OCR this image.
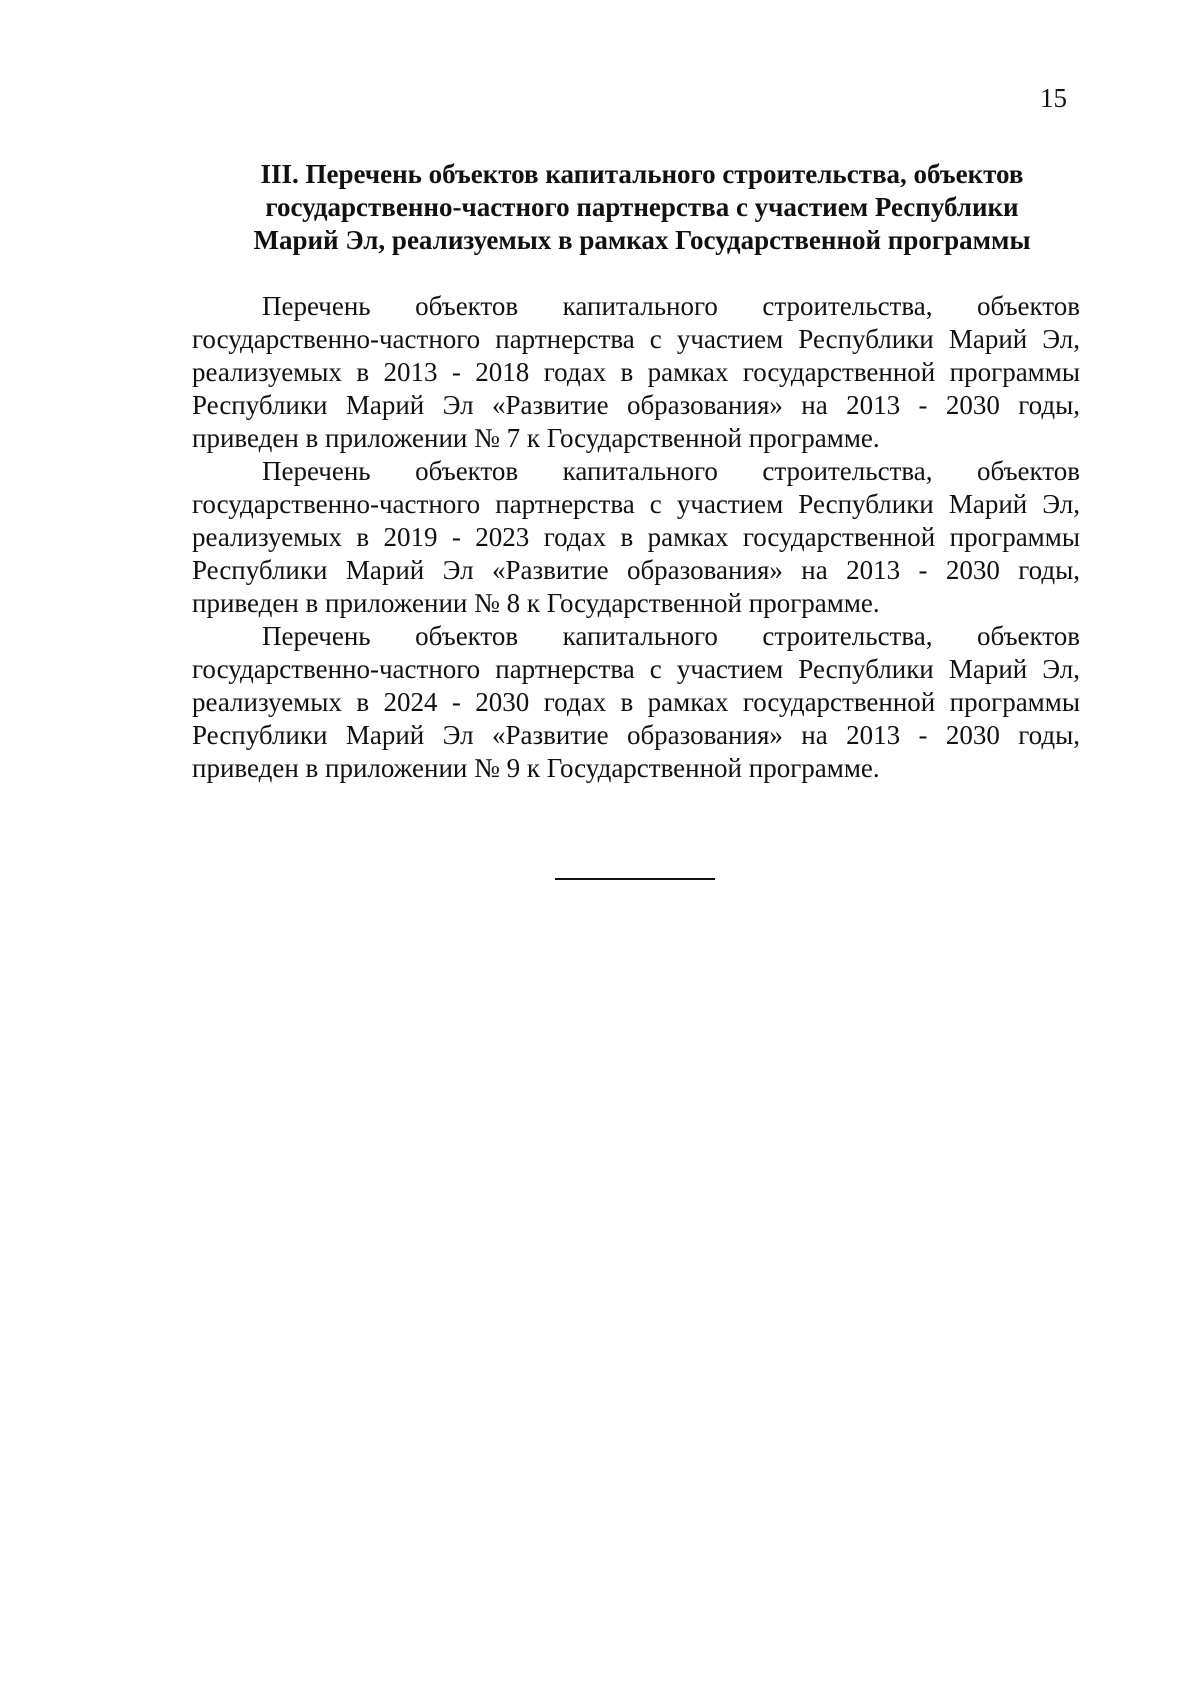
15
III. Перечень объектов капитального строительства, объектов
государственно-частного партнерства с участием Республики
Марий Эл, реализуемых в рамках Государственной программы

Перечень объектов капитального строительства, объектов государственно-частного партнерства с участием Республики Марий Эл, реализуемых в 2013 - 2018 годах в рамках государственной программы Республики Марий Эл «Развитие образования» на 2013 - 2030 годы, приведен в приложении № 7 к Государственной программе.

Перечень объектов капитального строительства, объектов государственно-частного партнерства с участием Республики Марий Эл, реализуемых в 2019 - 2023 годах в рамках государственной программы Республики Марий Эл «Развитие образования» на 2013 - 2030 годы, приведен в приложении № 8 к Государственной программе.

Перечень объектов капитального строительства, объектов государственно-частного партнерства с участием Республики Марий Эл, реализуемых в 2024 - 2030 годах в рамках государственной программы Республики Марий Эл «Развитие образования» на 2013 - 2030 годы, приведен в приложении № 9 к Государственной программе.
